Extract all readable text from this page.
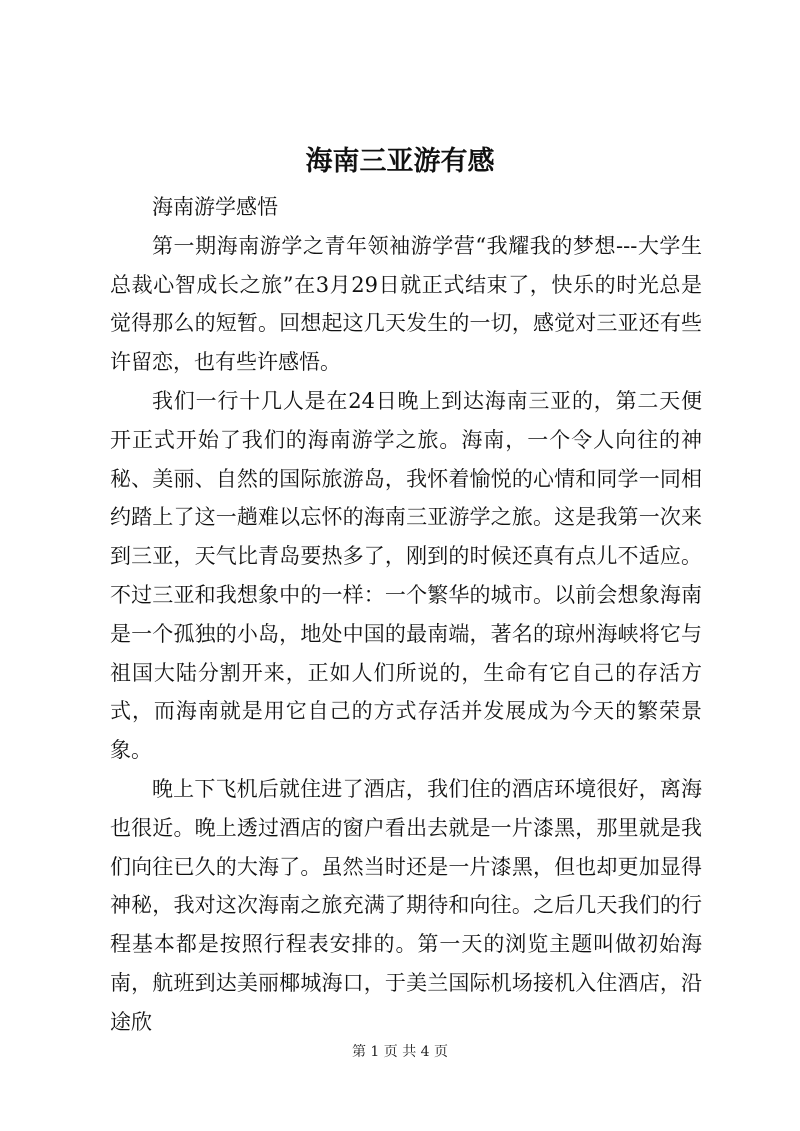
海南三亚游有感

海南游学感悟

第一期海南游学之青年领袖游学营“我耀我的梦想---大学生总裁心智成长之旅”在3月29日就正式结束了，快乐的时光总是觉得那么的短暂。回想起这几天发生的一切，感觉对三亚还有些许留恋，也有些许感悟。

我们一行十几人是在24日晚上到达海南三亚的，第二天便开正式开始了我们的海南游学之旅。海南，一个令人向往的神秘、美丽、自然的国际旅游岛，我怀着愉悦的心情和同学一同相约踏上了这一趟难以忘怀的海南三亚游学之旅。这是我第一次来到三亚，天气比青岛要热多了，刚到的时候还真有点儿不适应。不过三亚和我想象中的一样：一个繁华的城市。以前会想象海南是一个孤独的小岛，地处中国的最南端，著名的琼州海峡将它与祖国大陆分割开来，正如人们所说的，生命有它自己的存活方式，而海南就是用它自己的方式存活并发展成为今天的繁荣景象。

晚上下飞机后就住进了酒店，我们住的酒店环境很好，离海也很近。晚上透过酒店的窗户看出去就是一片漆黑，那里就是我们向往已久的大海了。虽然当时还是一片漆黑，但也却更加显得神秘，我对这次海南之旅充满了期待和向往。之后几天我们的行程基本都是按照行程表安排的。第一天的浏览主题叫做初始海南，航班到达美丽椰城海口，于美兰国际机场接机入住酒店，沿途欣

第 1 页 共 4 页
